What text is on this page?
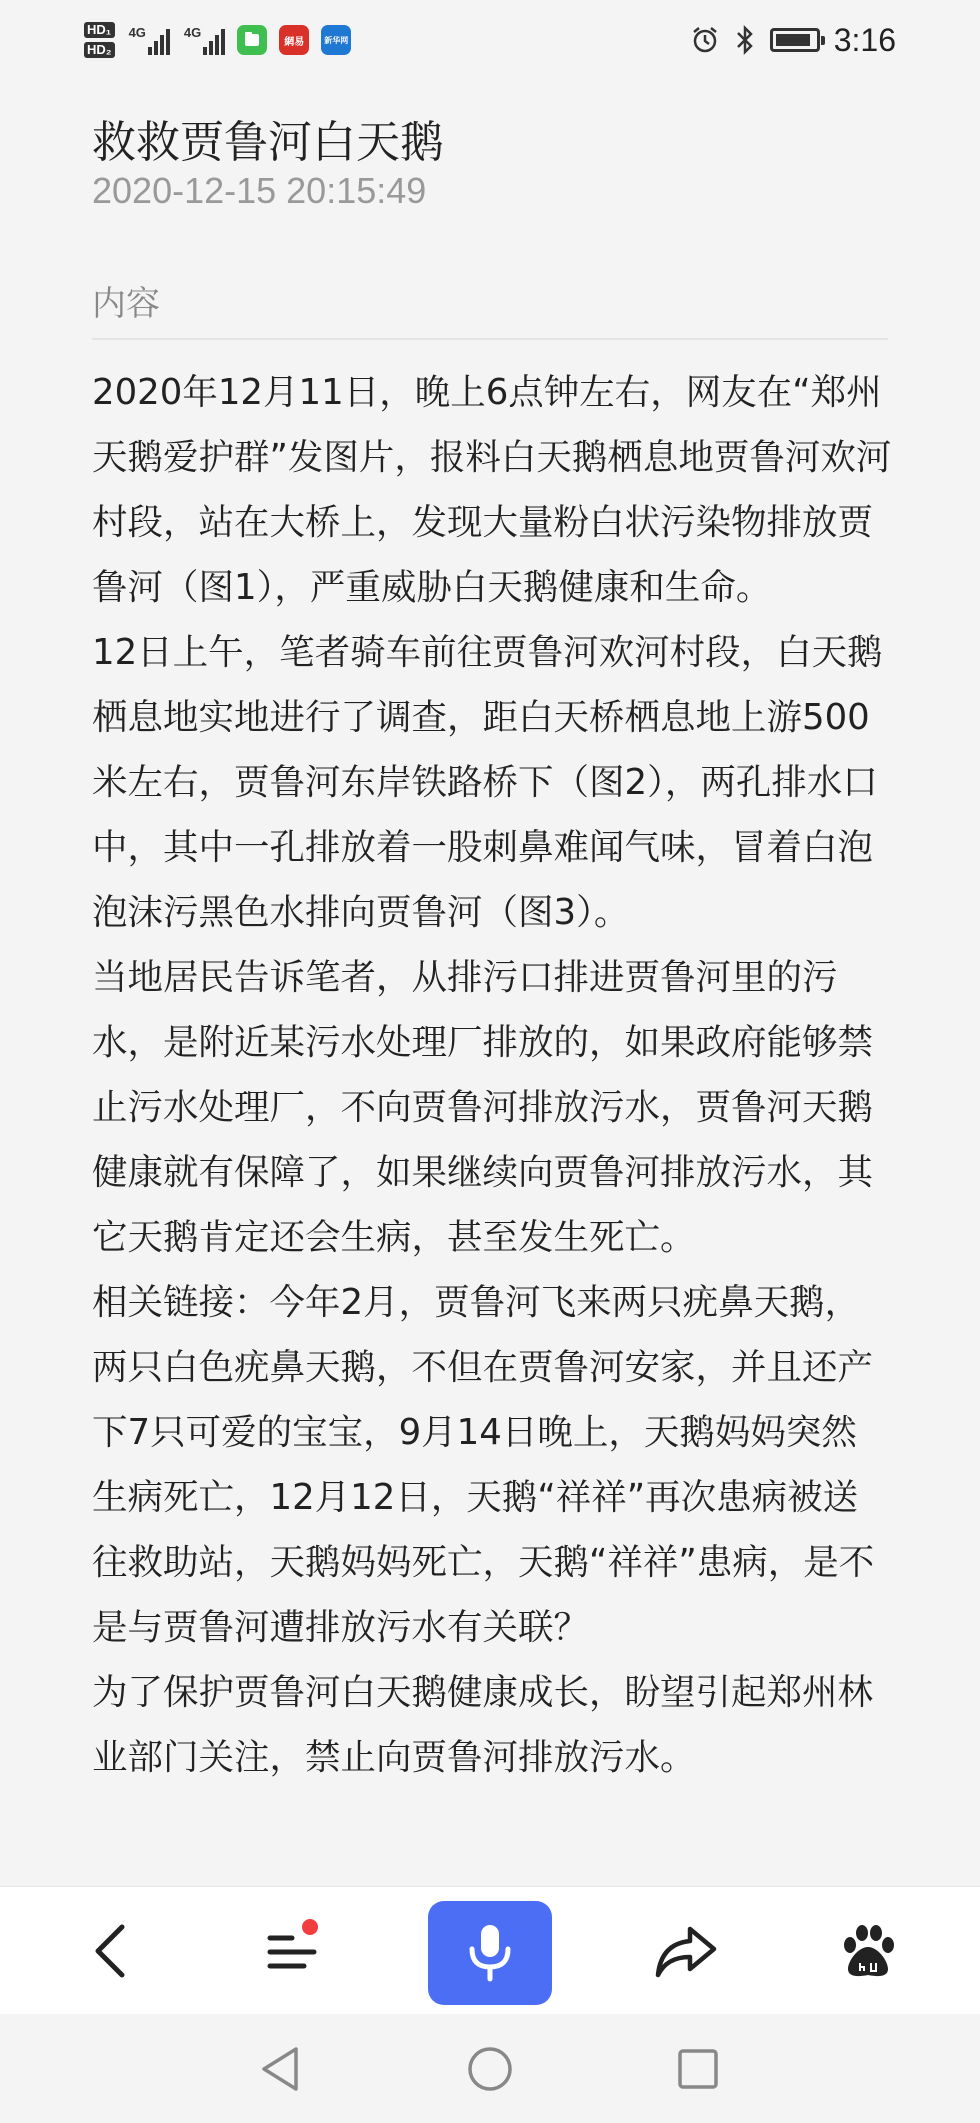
HD₁
HD₂
4G	4G
網易	新华网	3:16
救救贾鲁河白天鹅
2020-12-15 20:15:49
内容

2020年12月11日，晚上6点钟左右，网友在“郑州天鹅爱护群”发图片，报料白天鹅栖息地贾鲁河欢河村段，站在大桥上，发现大量粉白状污染物排放贾鲁河（图1），严重威胁白天鹅健康和生命。

12日上午，笔者骑车前往贾鲁河欢河村段，白天鹅栖息地实地进行了调查，距白天桥栖息地上游500米左右，贾鲁河东岸铁路桥下（图2），两孔排水口中，其中一孔排放着一股刺鼻难闻气味，冒着白泡泡沫污黑色水排向贾鲁河（图3）。

当地居民告诉笔者，从排污口排进贾鲁河里的污水，是附近某污水处理厂排放的，如果政府能够禁止污水处理厂，不向贾鲁河排放污水，贾鲁河天鹅健康就有保障了，如果继续向贾鲁河排放污水，其它天鹅肯定还会生病，甚至发生死亡。

相关链接：今年2月，贾鲁河飞来两只疣鼻天鹅，两只白色疣鼻天鹅，不但在贾鲁河安家，并且还产下7只可爱的宝宝，9月14日晚上，天鹅妈妈突然生病死亡，12月12日，天鹅“祥祥”再次患病被送往救助站，天鹅妈妈死亡，天鹅“祥祥”患病，是不是与贾鲁河遭排放污水有关联？

为了保护贾鲁河白天鹅健康成长，盼望引起郑州林业部门关注，禁止向贾鲁河排放污水。
